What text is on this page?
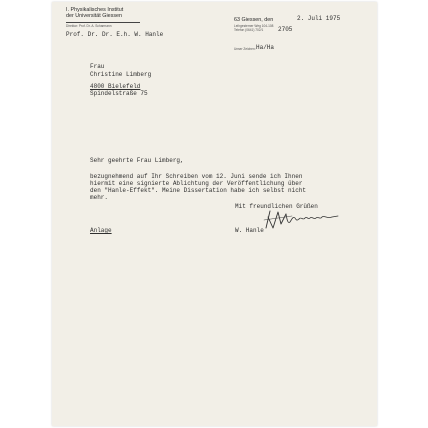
I. Physikalisches Institut
der Universität Giessen
Direktor: Prof. Dr. A. Scharmann
Prof. Dr. Dr. E.h. W. Hanle
63 Giessen, den	2. Juli 1975
Leihgesterner Weg 104-108
Telefon (0641) 702/1 2705
Unser Zeichen: Ha/Ha
Frau
Christine Limberg
4800 Bielefeld
Spindelstraße 75
Sehr geehrte Frau Limberg,
bezugnehmend auf Ihr Schreiben vom 12. Juni sende ich Ihnen
hiermit eine signierte Ablichtung der Veröffentlichung über
den "Hanle-Effekt". Meine Dissertation habe ich selbst nicht
mehr.
Mit freundlichen Grüßen
W. Hanle
Anlage
